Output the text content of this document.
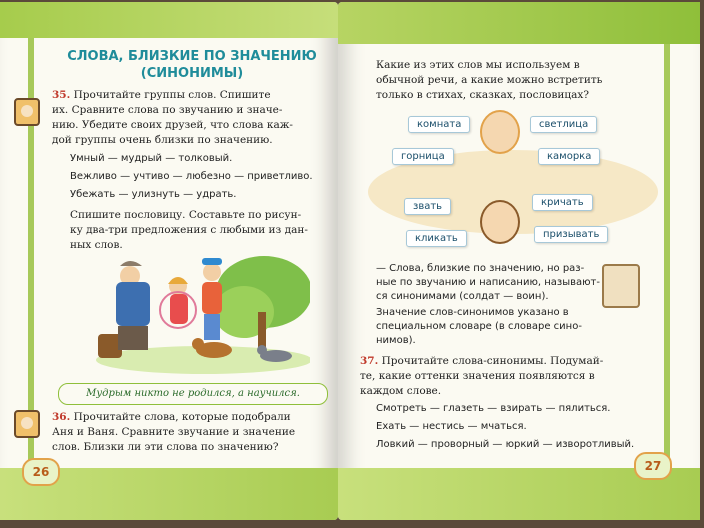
СЛОВА, БЛИЗКИЕ ПО ЗНАЧЕНИЮ
(СИНОНИМЫ)
35. Прочитайте группы слов. Спишите
их. Сравните слова по звучанию и значе-
нию. Убедите своих друзей, что слова каж-
дой группы очень близки по значению.
Умный — мудрый — толковый.
Вежливо — учтиво — любезно — приветливо.
Убежать — улизнуть — удрать.
Спишите пословицу. Составьте по рисун-
ку два-три предложения с любыми из дан-
ных слов.
Мудрым никто не родился, а научился.
36. Прочитайте слова, которые подобрали
Аня и Ваня. Сравните звучание и значение
слов. Близки ли эти слова по значению?
26
Какие из этих слов мы используем в
обычной речи, а какие можно встретить
только в стихах, сказках, пословицах?
комната	светлица
горница	каморка
звать	кричать
кликать	призывать
— Слова, близкие по значению, но раз-
ные по звучанию и написанию, называют-
ся синонимами (солдат — воин).
Значение слов-синонимов указано в
специальном словаре (в словаре сино-
нимов).
37. Прочитайте слова-синонимы. Подумай-
те, какие оттенки значения появляются в
каждом слове.
Смотреть — глазеть — взирать — пялиться.
Ехать — нестись — мчаться.
Ловкий — проворный — юркий — изворотливый.
27
